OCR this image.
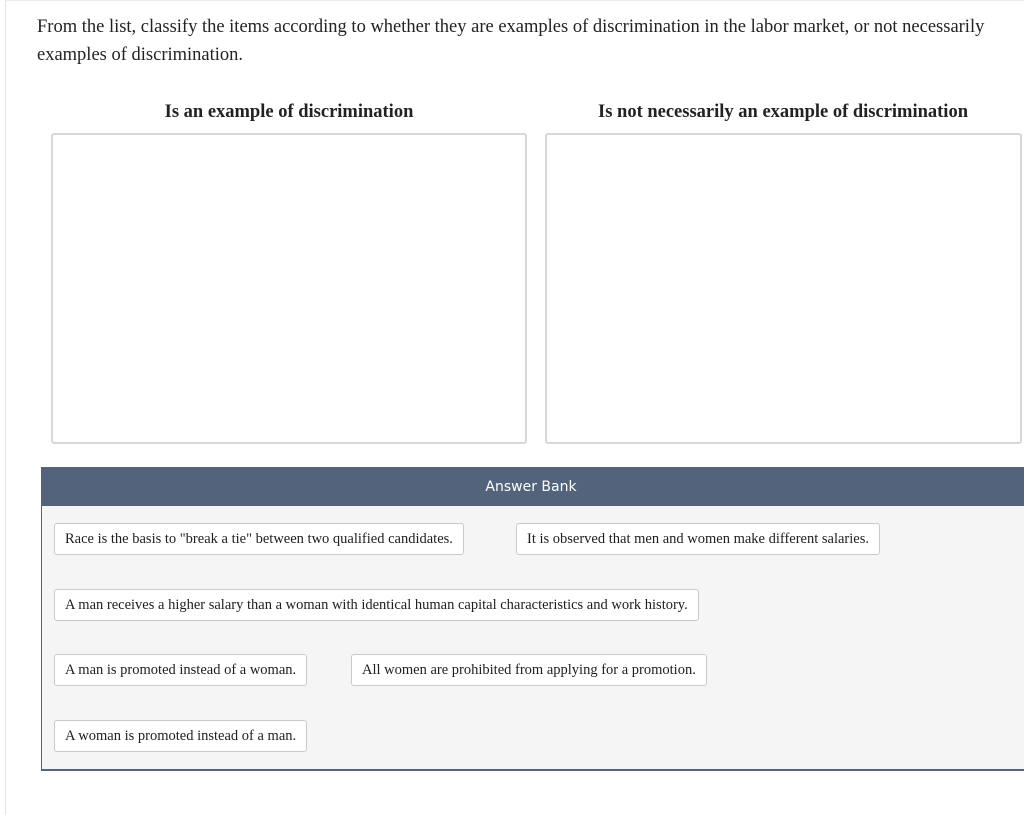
From the list, classify the items according to whether they are examples of discrimination in the labor market, or not necessarily examples of discrimination.

Is an example of discrimination	Is not necessarily an example of discrimination
Answer Bank
Race is the basis to "break a tie" between two qualified candidates.	It is observed that men and women make different salaries.
A man receives a higher salary than a woman with identical human capital characteristics and work history.
A man is promoted instead of a woman.	All women are prohibited from applying for a promotion.
A woman is promoted instead of a man.
